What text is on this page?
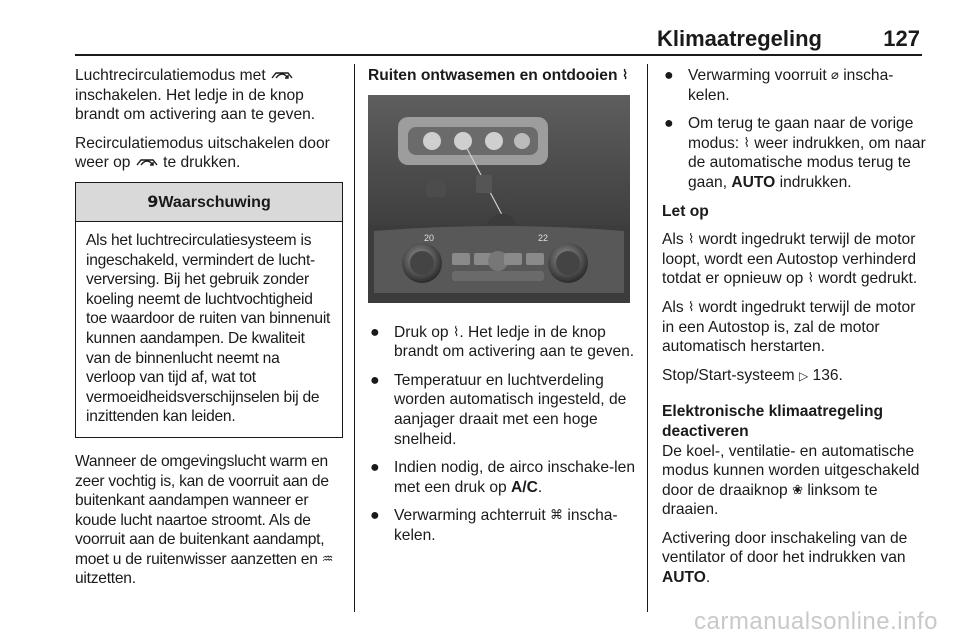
Klimaatregeling	127

Luchtrecirculatiemodus met  inschakelen. Het ledje in de knop brandt om activering aan te geven.

Recirculatiemodus uitschakelen door weer op te drukken.

9Waarschuwing
Als het luchtrecirculatiesysteem is ingeschakeld, vermindert de lucht-verversing. Bij het gebruik zonder koeling neemt de luchtvochtigheid toe waardoor de ruiten van binnenuit kunnen aandampen. De kwaliteit van de binnenlucht neemt na verloop van tijd af, wat tot vermoeidheidsverschijnselen bij de inzittenden kan leiden.

Wanneer de omgevingslucht warm en zeer vochtig is, kan de voorruit aan de buitenkant aandampen wanneer er koude lucht naartoe stroomt. Als de voorruit aan de buitenkant aandampt, moet u de ruitenwisser aanzetten en ♒ uitzetten.

Ruiten ontwasemen en ontdooien ⌇

20	22
● Druk op ⌇. Het ledje in de knop brandt om activering aan te geven.
● Temperatuur en luchtverdeling worden automatisch ingesteld, de aanjager draait met een hoge snelheid.
● Indien nodig, de airco inschake-len met een druk op A/C.
● Verwarming achterruit ⌘ inscha-kelen.
● Verwarming voorruit ⌀ inscha-kelen.
● Om terug te gaan naar de vorige modus: ⌇ weer indrukken, om naar de automatische modus terug te gaan, AUTO indrukken.

Let op

Als ⌇ wordt ingedrukt terwijl de motor loopt, wordt een Autostop verhinderd totdat er opnieuw op ⌇ wordt gedrukt.

Als ⌇ wordt ingedrukt terwijl de motor in een Autostop is, zal de motor automatisch herstarten.

Stop/Start-systeem ▷ 136.

Elektronische klimaatregeling deactiveren

De koel-, ventilatie- en automatische modus kunnen worden uitgeschakeld door de draaiknop ❀ linksom te draaien.

Activering door inschakeling van de ventilator of door het indrukken van AUTO.

carmanualsonline.info
